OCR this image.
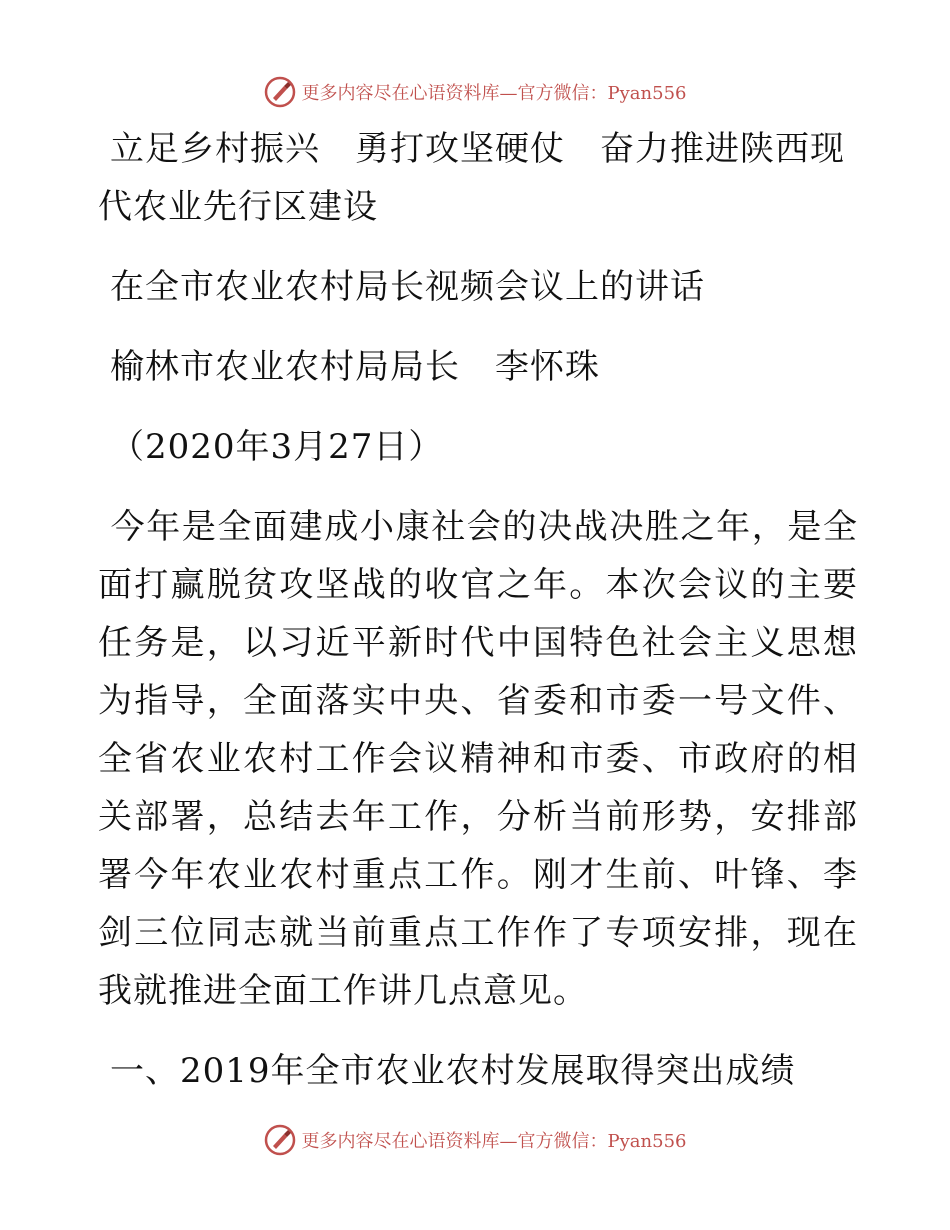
更多内容尽在心语资料库—官方微信：Pyan556
立足乡村振兴　勇打攻坚硬仗　奋力推进陕西现
代农业先行区建设
在全市农业农村局长视频会议上的讲话
榆林市农业农村局局长　李怀珠
（2020年3月27日）
今年是全面建成小康社会的决战决胜之年，是全面打赢脱贫攻坚战的收官之年。本次会议的主要任务是，以习近平新时代中国特色社会主义思想为指导，全面落实中央、省委和市委一号文件、全省农业农村工作会议精神和市委、市政府的相关部署，总结去年工作，分析当前形势，安排部署今年农业农村重点工作。刚才生前、叶锋、李剑三位同志就当前重点工作作了专项安排，现在我就推进全面工作讲几点意见。
一、2019年全市农业农村发展取得突出成绩
更多内容尽在心语资料库—官方微信：Pyan556
